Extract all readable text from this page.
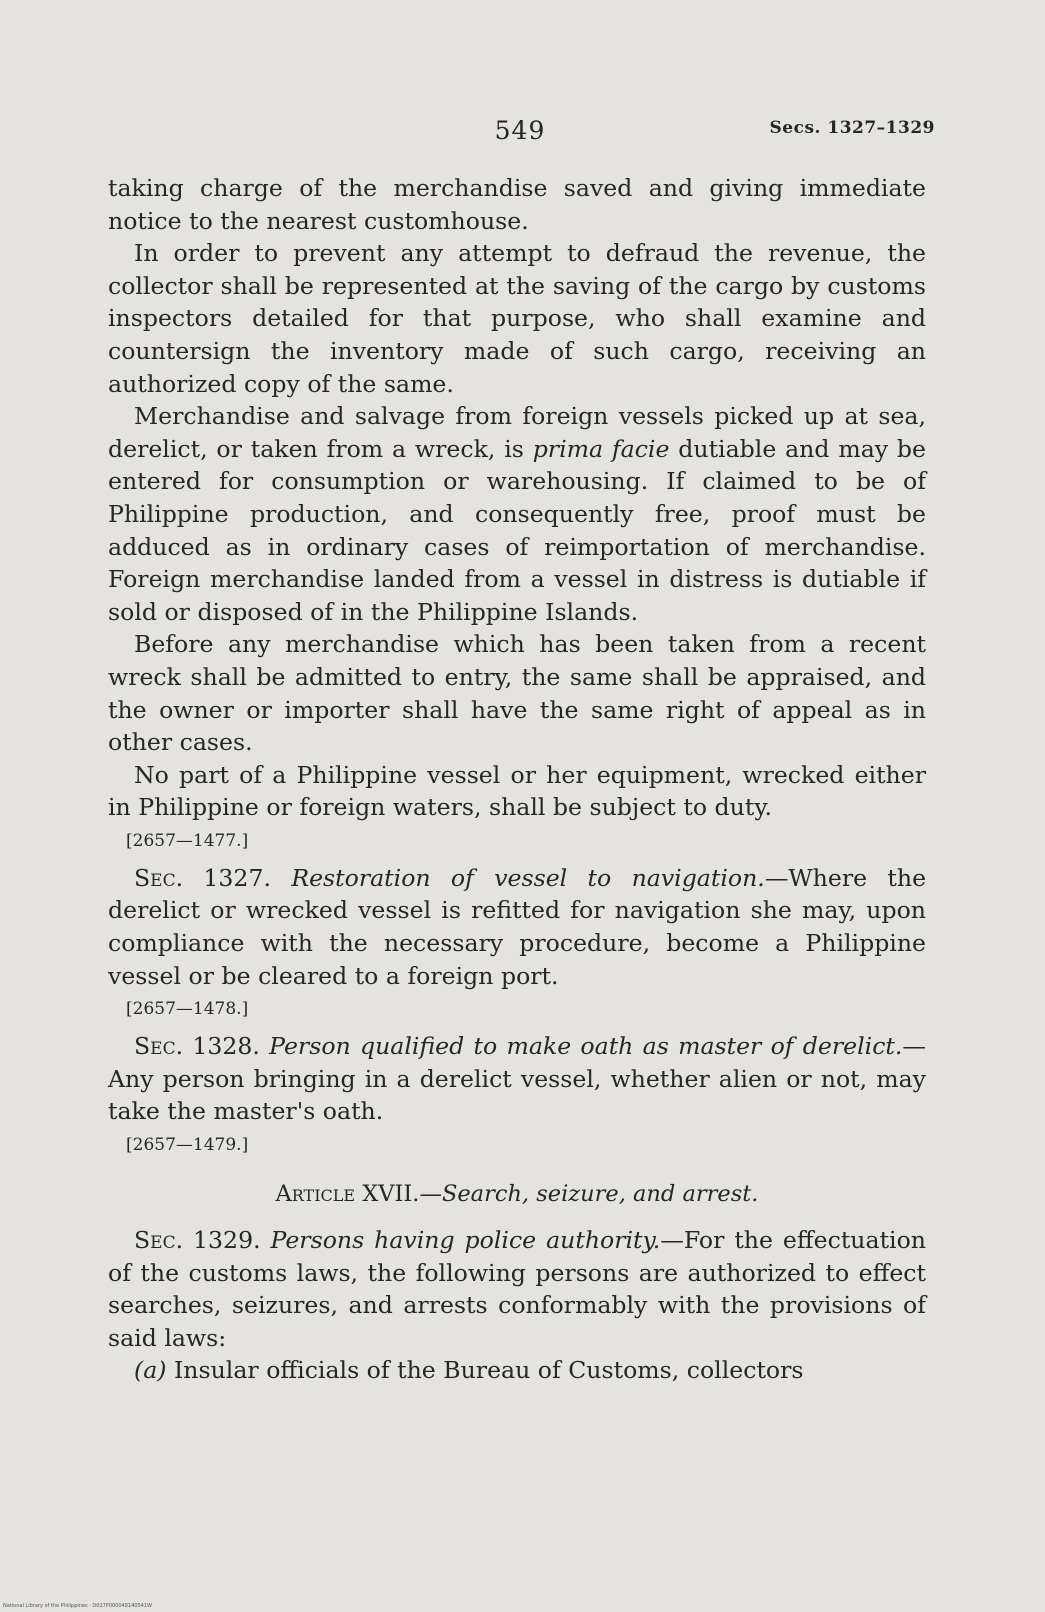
549	Secs. 1327–1329

taking charge of the merchandise saved and giving immediate notice to the nearest customhouse.

In order to prevent any attempt to defraud the revenue, the collector shall be represented at the saving of the cargo by customs inspectors detailed for that purpose, who shall examine and countersign the inventory made of such cargo, receiving an authorized copy of the same.

Merchandise and salvage from foreign vessels picked up at sea, derelict, or taken from a wreck, is prima facie dutiable and may be entered for consumption or warehousing. If claimed to be of Philippine production, and consequently free, proof must be adduced as in ordinary cases of reimportation of merchandise. Foreign merchandise landed from a vessel in distress is dutiable if sold or disposed of in the Philippine Islands.

Before any merchandise which has been taken from a recent wreck shall be admitted to entry, the same shall be appraised, and the owner or importer shall have the same right of appeal as in other cases.

No part of a Philippine vessel or her equipment, wrecked either in Philippine or foreign waters, shall be subject to duty.

[2657—1477.]

Sec. 1327. Restoration of vessel to navigation.—Where the derelict or wrecked vessel is refitted for navigation she may, upon compliance with the necessary procedure, become a Philippine vessel or be cleared to a foreign port.

[2657—1478.]

Sec. 1328. Person qualified to make oath as master of derelict.—Any person bringing in a derelict vessel, whether alien or not, may take the master's oath.

[2657—1479.]

Article XVII.—Search, seizure, and arrest.

Sec. 1329. Persons having police authority.—For the effectuation of the customs laws, the following persons are authorized to effect searches, seizures, and arrests conformably with the provisions of said laws:

(a) Insular officials of the Bureau of Customs, collectors

National Library of the Philippines · D027P000048140541W
